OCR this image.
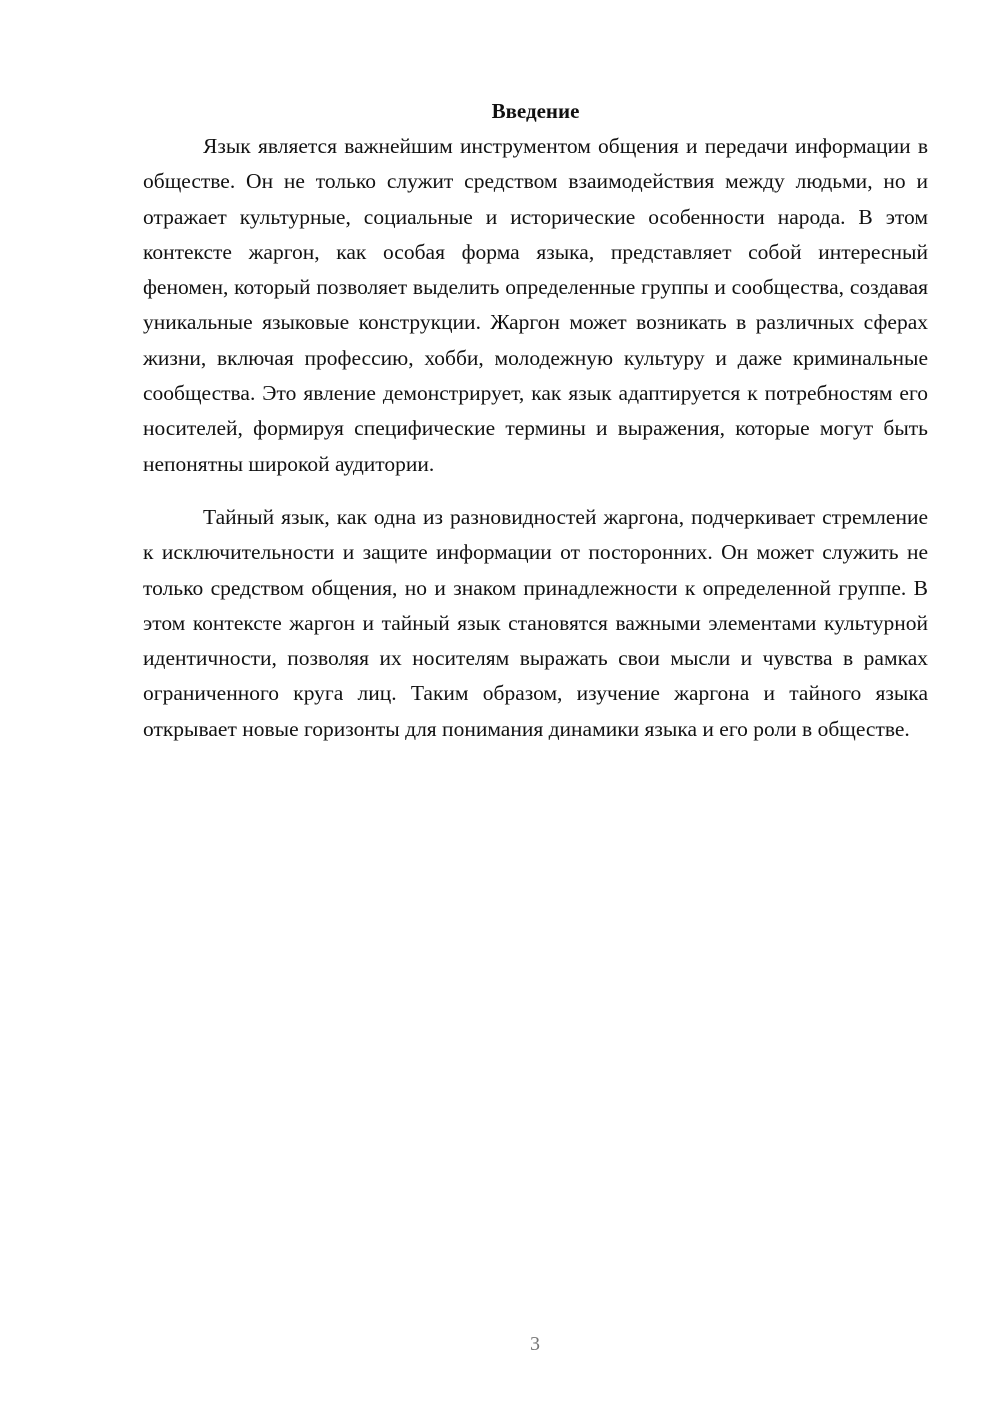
Введение

Язык является важнейшим инструментом общения и передачи информации в обществе. Он не только служит средством взаимодействия между людьми, но и отражает культурные, социальные и исторические особенности народа. В этом контексте жаргон, как особая форма языка, представляет собой интересный феномен, который позволяет выделить определенные группы и сообщества, создавая уникальные языковые конструкции. Жаргон может возникать в различных сферах жизни, включая профессию, хобби, молодежную культуру и даже криминальные сообщества. Это явление демонстрирует, как язык адаптируется к потребностям его носителей, формируя специфические термины и выражения, которые могут быть непонятны широкой аудитории.

Тайный язык, как одна из разновидностей жаргона, подчеркивает стремление к исключительности и защите информации от посторонних. Он может служить не только средством общения, но и знаком принадлежности к определенной группе. В этом контексте жаргон и тайный язык становятся важными элементами культурной идентичности, позволяя их носителям выражать свои мысли и чувства в рамках ограниченного круга лиц. Таким образом, изучение жаргона и тайного языка открывает новые горизонты для понимания динамики языка и его роли в обществе.

3
